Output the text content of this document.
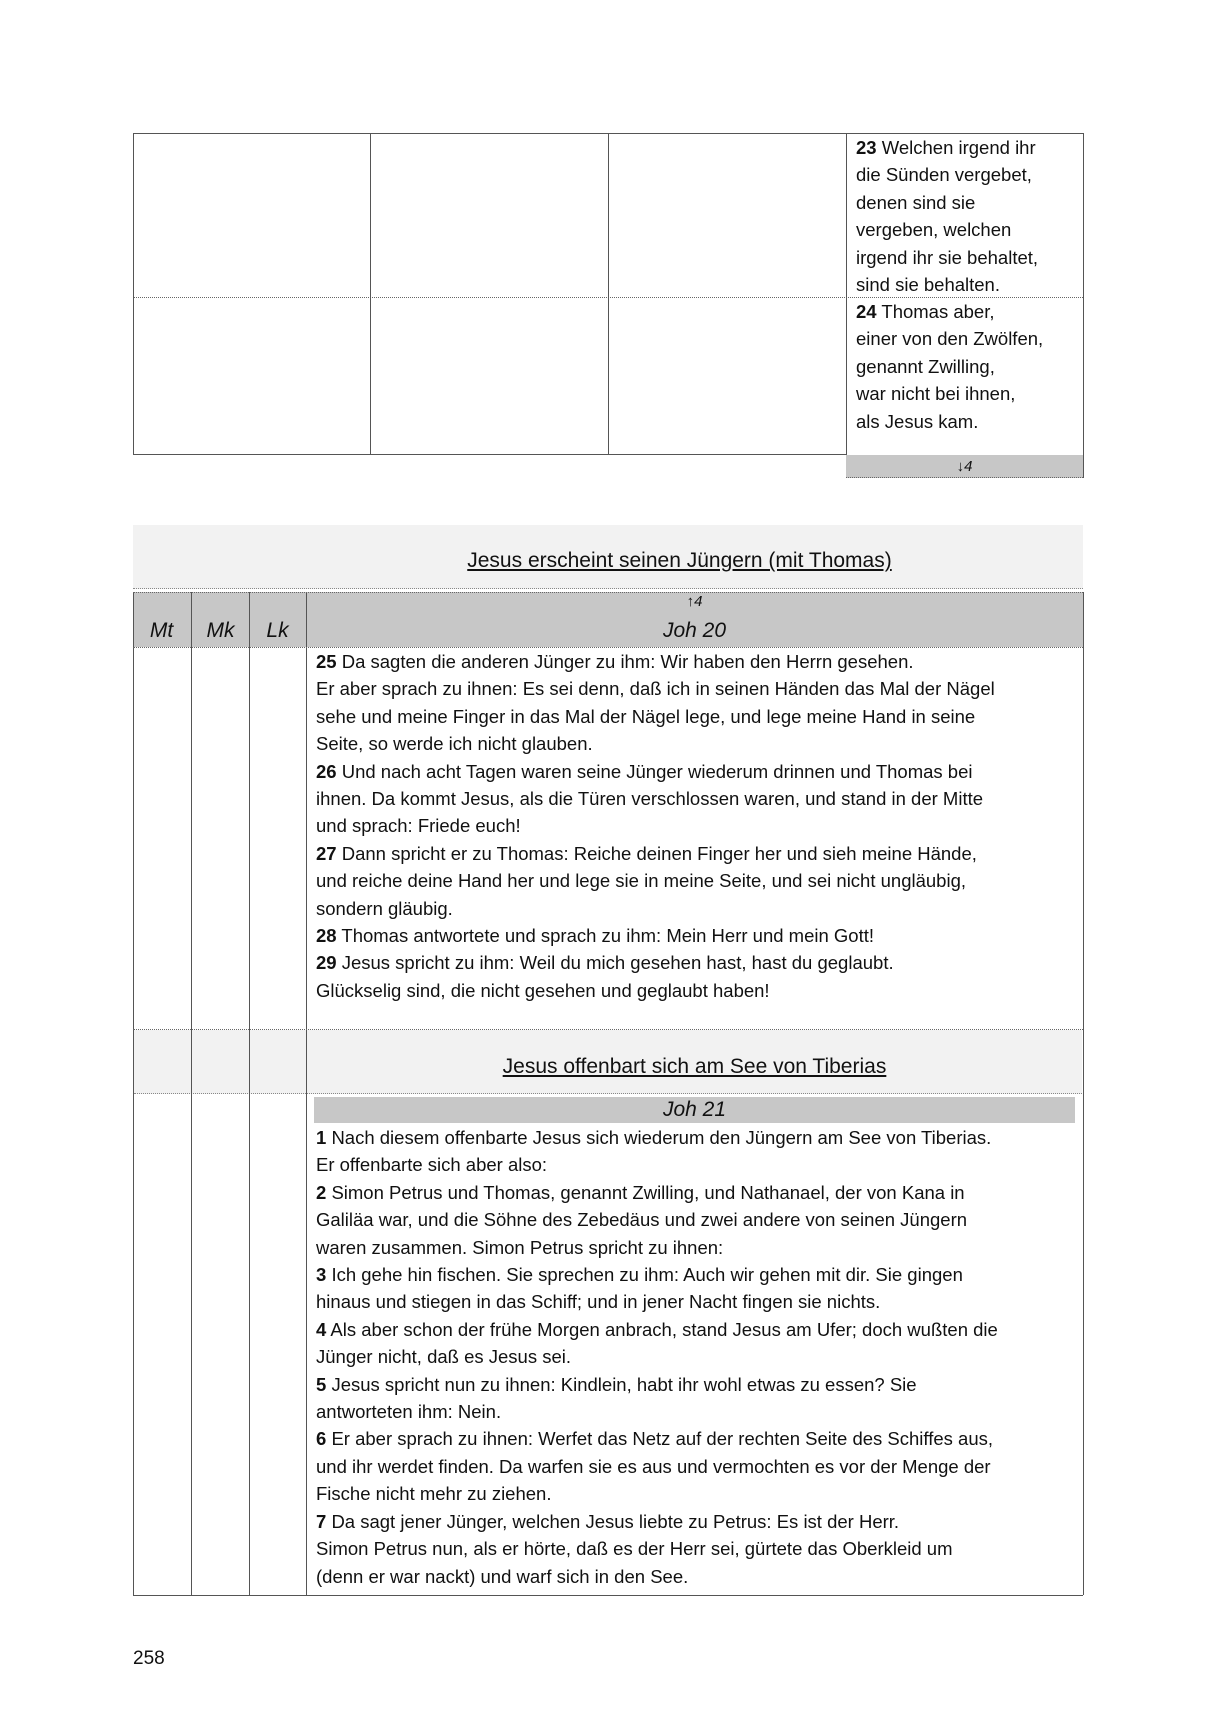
23 Welchen irgend ihr
die Sünden vergebet,
denen sind sie
vergeben, welchen
irgend ihr sie behaltet,
sind sie behalten.

24 Thomas aber,
einer von den Zwölfen,
genannt Zwilling,
war nicht bei ihnen,
als Jesus kam.

↓4
Jesus erscheint seinen Jüngern (mit Thomas)
↑4
Mt	Mk	Lk	Joh 20

25 Da sagten die anderen Jünger zu ihm: Wir haben den Herrn gesehen.
Er aber sprach zu ihnen: Es sei denn, daß ich in seinen Händen das Mal der Nägel
sehe und meine Finger in das Mal der Nägel lege, und lege meine Hand in seine
Seite, so werde ich nicht glauben.

26 Und nach acht Tagen waren seine Jünger wiederum drinnen und Thomas bei
ihnen. Da kommt Jesus, als die Türen verschlossen waren, und stand in der Mitte
und sprach: Friede euch!

27 Dann spricht er zu Thomas: Reiche deinen Finger her und sieh meine Hände,
und reiche deine Hand her und lege sie in meine Seite, und sei nicht ungläubig,
sondern gläubig.

28 Thomas antwortete und sprach zu ihm: Mein Herr und mein Gott!

29 Jesus spricht zu ihm: Weil du mich gesehen hast, hast du geglaubt.
Glückselig sind, die nicht gesehen und geglaubt haben!

Jesus offenbart sich am See von Tiberias
Joh 21

1 Nach diesem offenbarte Jesus sich wiederum den Jüngern am See von Tiberias.
Er offenbarte sich aber also:

2 Simon Petrus und Thomas, genannt Zwilling, und Nathanael, der von Kana in
Galiläa war, und die Söhne des Zebedäus und zwei andere von seinen Jüngern
waren zusammen. Simon Petrus spricht zu ihnen:

3 Ich gehe hin fischen. Sie sprechen zu ihm: Auch wir gehen mit dir. Sie gingen
hinaus und stiegen in das Schiff; und in jener Nacht fingen sie nichts.

4 Als aber schon der frühe Morgen anbrach, stand Jesus am Ufer; doch wußten die
Jünger nicht, daß es Jesus sei.

5 Jesus spricht nun zu ihnen: Kindlein, habt ihr wohl etwas zu essen? Sie
antworteten ihm: Nein.

6 Er aber sprach zu ihnen: Werfet das Netz auf der rechten Seite des Schiffes aus,
und ihr werdet finden. Da warfen sie es aus und vermochten es vor der Menge der
Fische nicht mehr zu ziehen.

7 Da sagt jener Jünger, welchen Jesus liebte zu Petrus: Es ist der Herr.
Simon Petrus nun, als er hörte, daß es der Herr sei, gürtete das Oberkleid um
(denn er war nackt) und warf sich in den See.

258
